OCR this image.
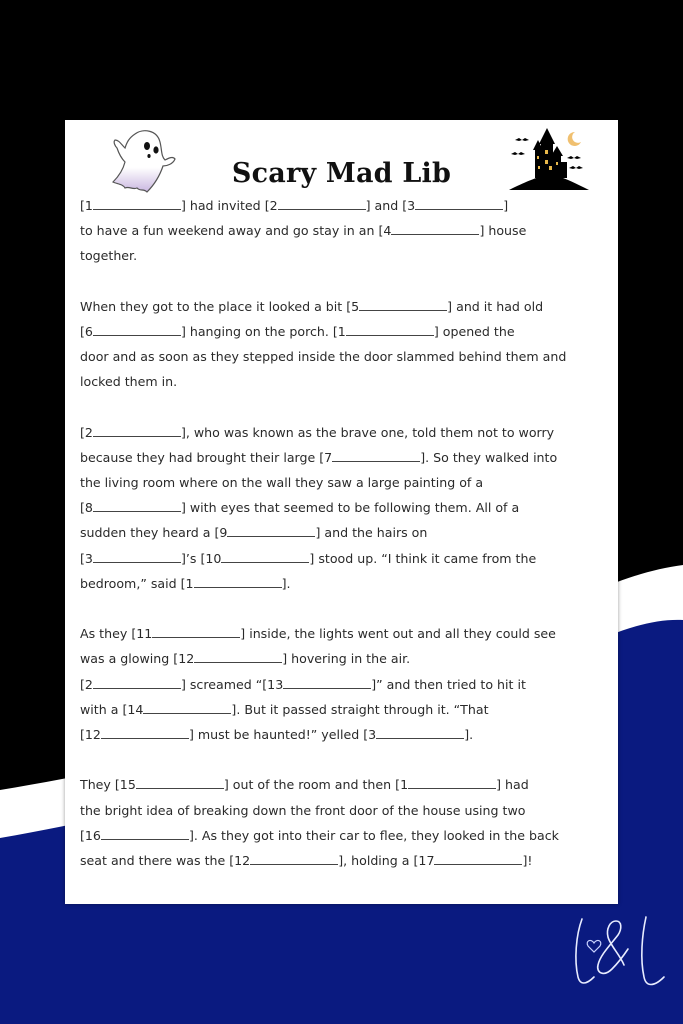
Scary Mad Lib
[1	] had invited [2	] and [3	]
to have a fun weekend away and go stay in an [4	] house
together.
When they got to the place it looked a bit [5	] and it had old
[6	] hanging on the porch. [1	] opened the
door and as soon as they stepped inside the door slammed behind them and
locked them in.
[2	], who was known as the brave one, told them not to worry
because they had brought their large [7	]. So they walked into
the living room where on the wall they saw a large painting of a
[8	] with eyes that seemed to be following them. All of a
sudden they heard a [9	] and the hairs on
[3	]’s [10	] stood up. “I think it came from the
bedroom,” said [1	].
As they [11	] inside, the lights went out and all they could see
was a glowing [12	] hovering in the air.
[2	] screamed “[13	]” and then tried to hit it
with a [14	]. But it passed straight through it. “That
[12	] must be haunted!” yelled [3	].
They [15	] out of the room and then [1	] had
the bright idea of breaking down the front door of the house using two
[16	]. As they got into their car to flee, they looked in the back
seat and there was the [12	], holding a [17	]!
